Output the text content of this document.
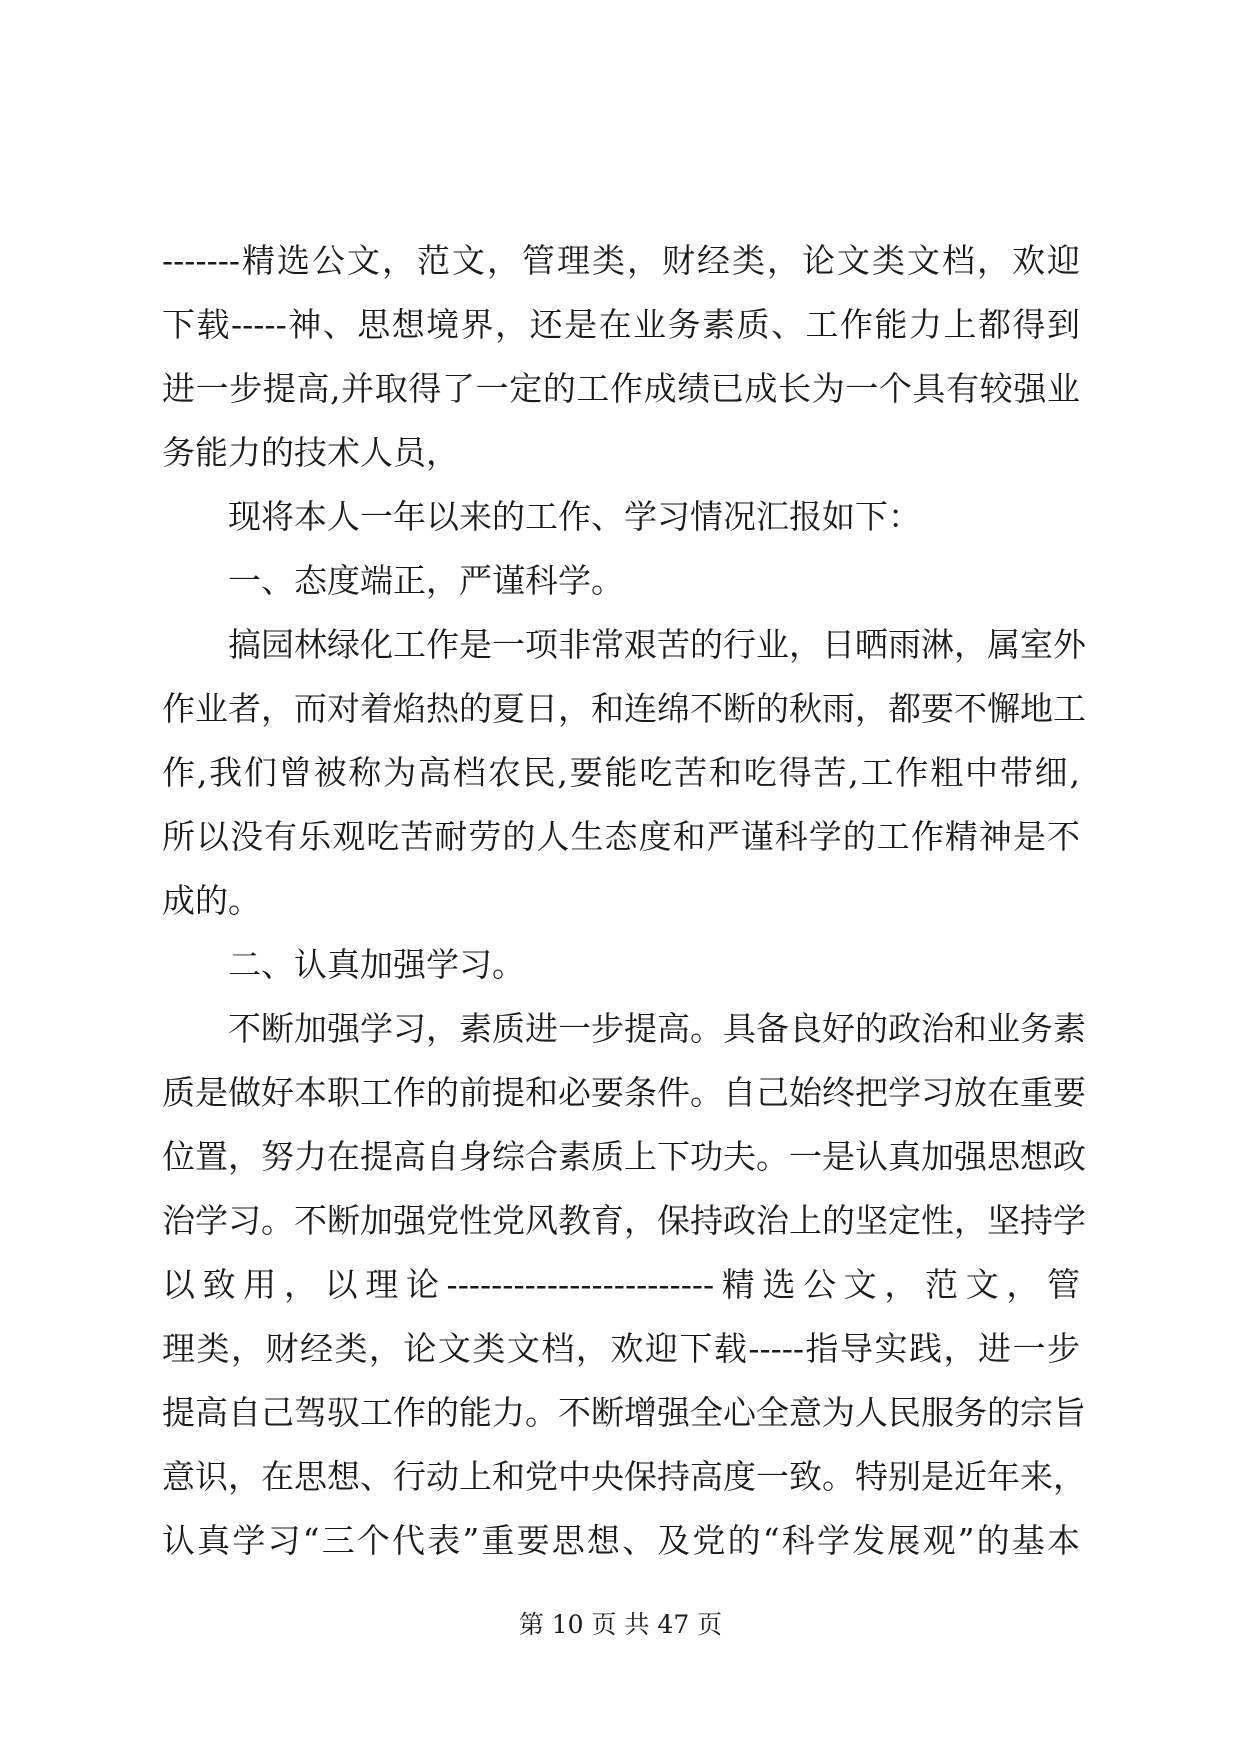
-------精选公文，范文，管理类，财经类，论文类文档，欢迎
下载-----神、思想境界，还是在业务素质、工作能力上都得到
进一步提高,并取得了一定的工作成绩已成长为一个具有较强业
务能力的技术人员，
现将本人一年以来的工作、学习情况汇报如下：
一、态度端正，严谨科学。
搞园林绿化工作是一项非常艰苦的行业，日晒雨淋，属室外
作业者，而对着焰热的夏日，和连绵不断的秋雨，都要不懈地工
作,我们曾被称为高档农民,要能吃苦和吃得苦,工作粗中带细,
所以没有乐观吃苦耐劳的人生态度和严谨科学的工作精神是不
成的。
二、认真加强学习。
不断加强学习，素质进一步提高。具备良好的政治和业务素
质是做好本职工作的前提和必要条件。自己始终把学习放在重要
位置，努力在提高自身综合素质上下功夫。一是认真加强思想政
治学习。不断加强党性党风教育，保持政治上的坚定性，坚持学
以致用，以理论------------------------精选公文，范文，管
理类，财经类，论文类文档，欢迎下载-----指导实践，进一步
提高自己驾驭工作的能力。不断增强全心全意为人民服务的宗旨
意识，在思想、行动上和党中央保持高度一致。特别是近年来，
认真学习“三个代表”重要思想、及党的“科学发展观”的基本
第 10 页 共 47 页
